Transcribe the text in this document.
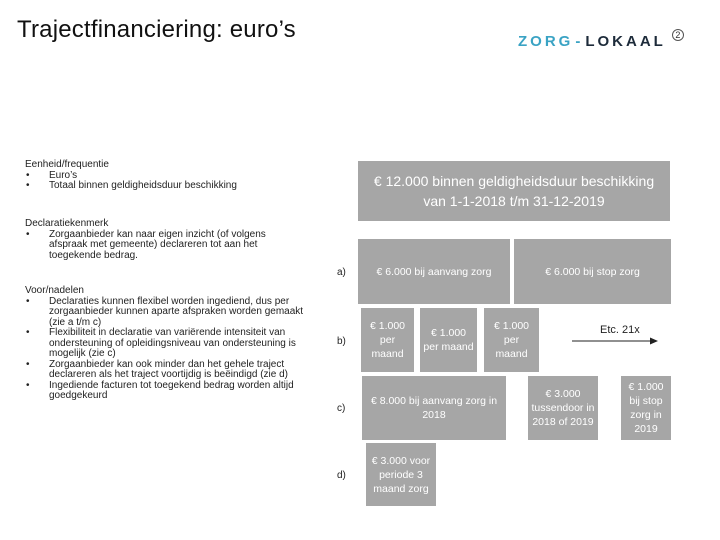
Trajectfinanciering: euro’s	ZORG - LOKAAL	2
Eenheid/frequentie
• Euro’s
• Totaal binnen geldigheidsduur beschikking
Declaratiekenmerk
• Zorgaanbieder kan naar eigen inzicht (of volgens afspraak met gemeente) declareren tot aan het toegekende bedrag.
Voor/nadelen
• Declaraties kunnen flexibel worden ingediend, dus per zorgaanbieder kunnen aparte afspraken worden gemaakt (zie a t/m c)
• Flexibiliteit in declaratie van variërende intensiteit van ondersteuning of opleidingsniveau van ondersteuning is mogelijk (zie c)
• Zorgaanbieder kan ook minder dan het gehele traject declareren als het traject voortijdig is beëindigd (zie d)
• Ingediende facturen tot toegekend bedrag worden altijd goedgekeurd
€ 12.000 binnen geldigheidsduur beschikking van 1-1-2018 t/m 31-12-2019
a)
b)
c)
d)
€ 6.000 bij aanvang zorg	€ 6.000 bij stop zorg
€ 1.000 per maand
€ 1.000 per maand
€ 1.000 per maand
Etc. 21x
€ 8.000 bij aanvang zorg in 2018
€ 3.000 tussendoor in 2018 of 2019
€ 1.000 bij stop zorg in 2019
€ 3.000 voor periode 3 maand zorg
